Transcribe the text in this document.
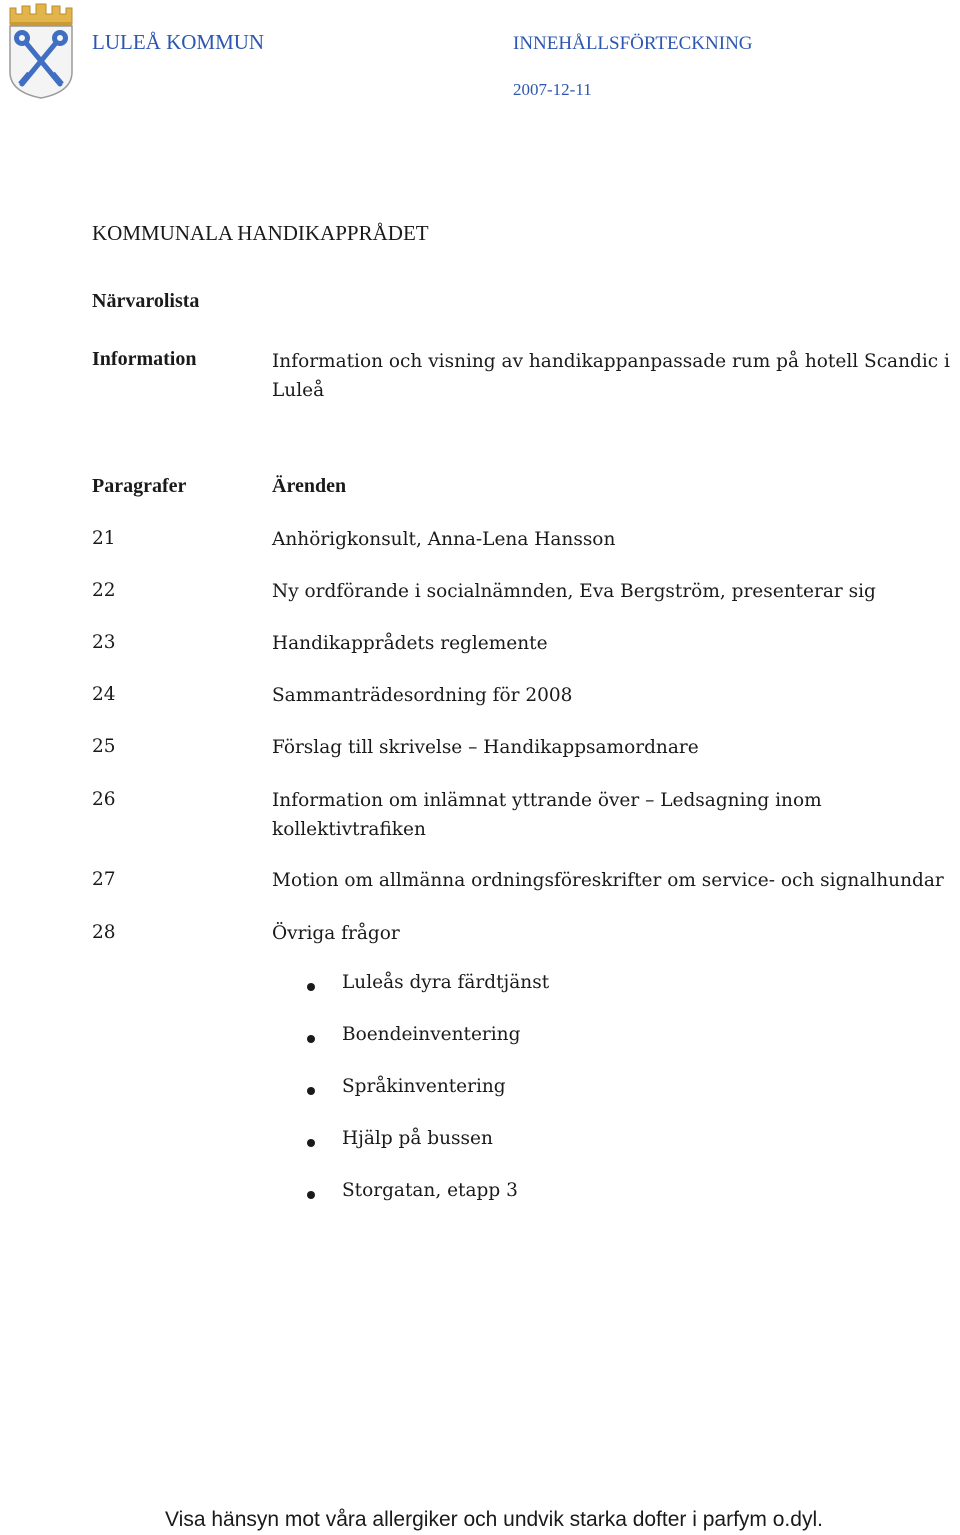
LULEÅ KOMMUN	INNEHÅLLSFÖRTECKNING
2007-12-11
KOMMUNALA HANDIKAPPRÅDET
Närvarolista
Information	Information och visning av handikappanpassade rum på hotell Scandic i Luleå
Paragrafer	Ärenden
21	Anhörigkonsult, Anna-Lena Hansson
22	Ny ordförande i socialnämnden, Eva Bergström, presenterar sig
23	Handikapprådets reglemente
24	Sammanträdesordning för 2008
25	Förslag till skrivelse – Handikappsamordnare
26	Information om inlämnat yttrande över – Ledsagning inom kollektivtrafiken
27	Motion om allmänna ordningsföreskrifter om service- och signalhundar
28	Övriga frågor
Luleås dyra färdtjänst
Boendeinventering
Språkinventering
Hjälp på bussen
Storgatan, etapp 3
Visa hänsyn mot våra allergiker och undvik starka dofter i parfym o.dyl.
